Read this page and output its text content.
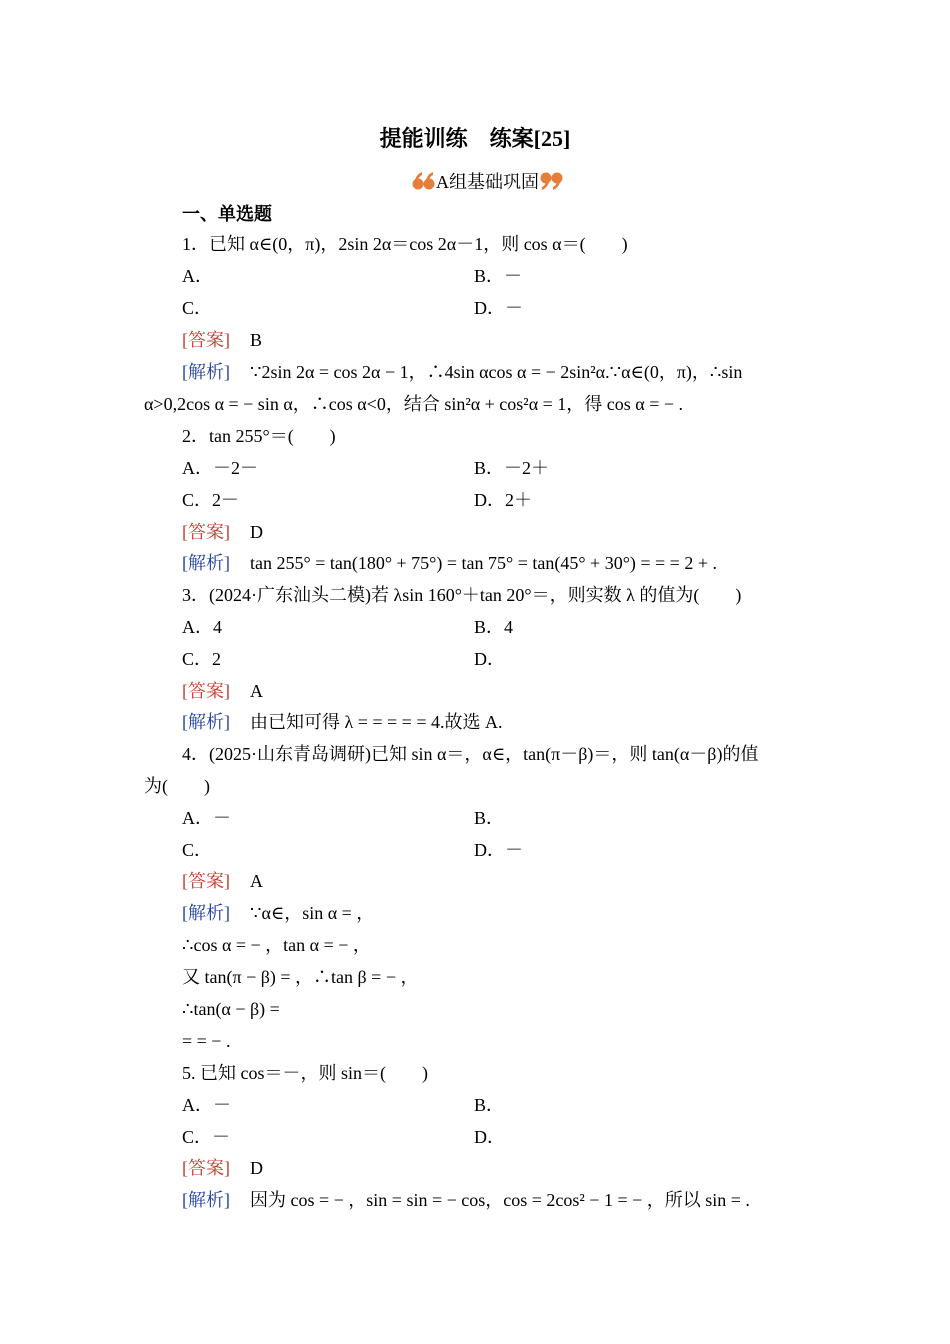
提能训练　练案[25]
A组基础巩固
一、单选题
1．已知 α∈(0，π)，2sin 2α＝cos 2α－1，则 cos α＝(　　)
A．	B．－
C．	D．－
[答案] B
[解析] ∵2sin 2α = cos 2α − 1，∴4sin αcos α = − 2sin²α.∵α∈(0，π)，∴sin
α>0,2cos α = − sin α，∴cos α<0，结合 sin²α + cos²α = 1，得 cos α = − .
2．tan 255°＝(　　)
A．－2－	B．－2＋
C．2－	D．2＋
[答案] D
[解析] tan 255° = tan(180° + 75°) = tan 75° = tan(45° + 30°) = = = 2 + .
3．(2024·广东汕头二模)若 λsin 160°＋tan 20°＝，则实数 λ 的值为(　　)
A．4	B．4
C．2	D．
[答案] A
[解析] 由已知可得 λ = = = = = 4.故选 A.
4．(2025·山东青岛调研)已知 sin α＝，α∈，tan(π－β)＝，则 tan(α－β)的值
为(　　)
A．－	B．
C．	D．－
[答案] A
[解析] ∵α∈，sin α = ，
∴cos α = − ，tan α = − ，
又 tan(π − β) = ，∴tan β = − ，
∴tan(α − β) =
= = − .
5. 已知 cos＝－，则 sin＝(　　)
A．－	B．
C．－	D．
[答案] D
[解析] 因为 cos = − ，sin = sin = − cos，cos = 2cos² − 1 = − ，所以 sin = .
